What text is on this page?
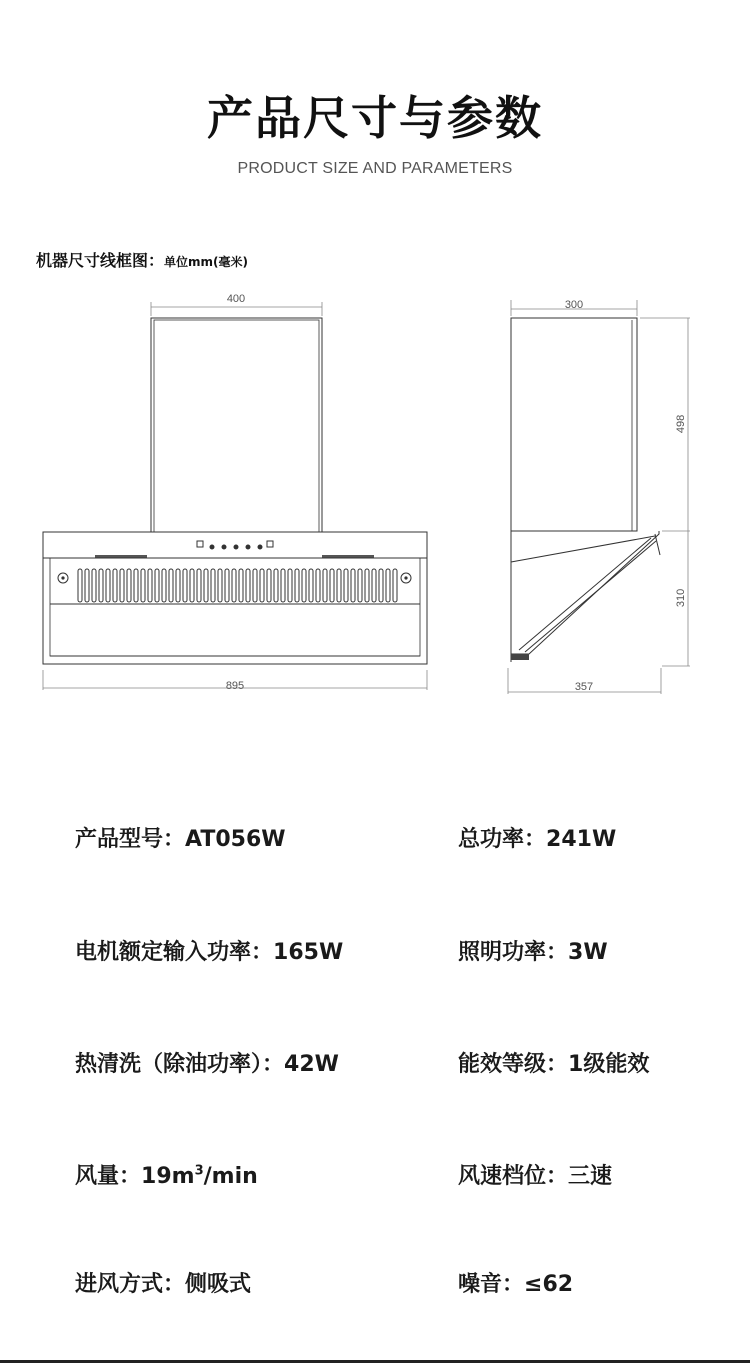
产品尺寸与参数
PRODUCT SIZE AND PARAMETERS
机器尺寸线框图：单位mm(毫米)
400
895
300
498
310
357
产品型号：AT056W	总功率：241W
电机额定输入功率：165W	照明功率：3W
热清洗（除油功率）：42W	能效等级：1级能效
风量：$19m^3/\min$	风速档位：三速
进风方式：侧吸式	噪音：≤62
